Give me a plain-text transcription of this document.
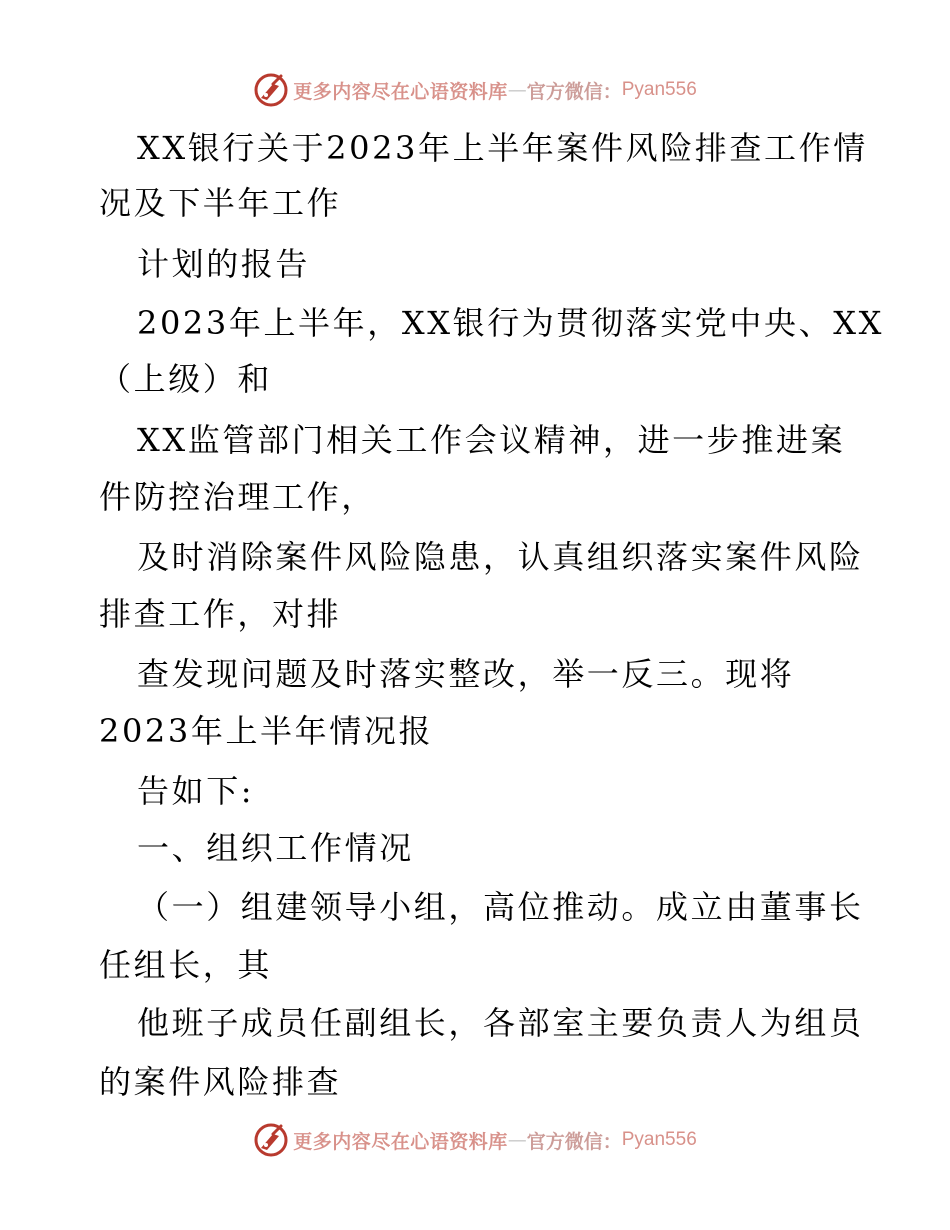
更多内容尽在心语资料库 — 官方微信： Pyan556
XX银行关于2023年上半年案件风险排查工作情
况及下半年工作
计划的报告
2023年上半年，XX银行为贯彻落实党中央、XX
（上级）和
XX监管部门相关工作会议精神，进一步推进案
件防控治理工作，
及时消除案件风险隐患，认真组织落实案件风险
排查工作，对排
查发现问题及时落实整改，举一反三。现将
2023年上半年情况报
告如下:
一、组织工作情况
（一）组建领导小组，高位推动。成立由董事长
任组长，其
他班子成员任副组长，各部室主要负责人为组员
的案件风险排查
更多内容尽在心语资料库 — 官方微信： Pyan556
